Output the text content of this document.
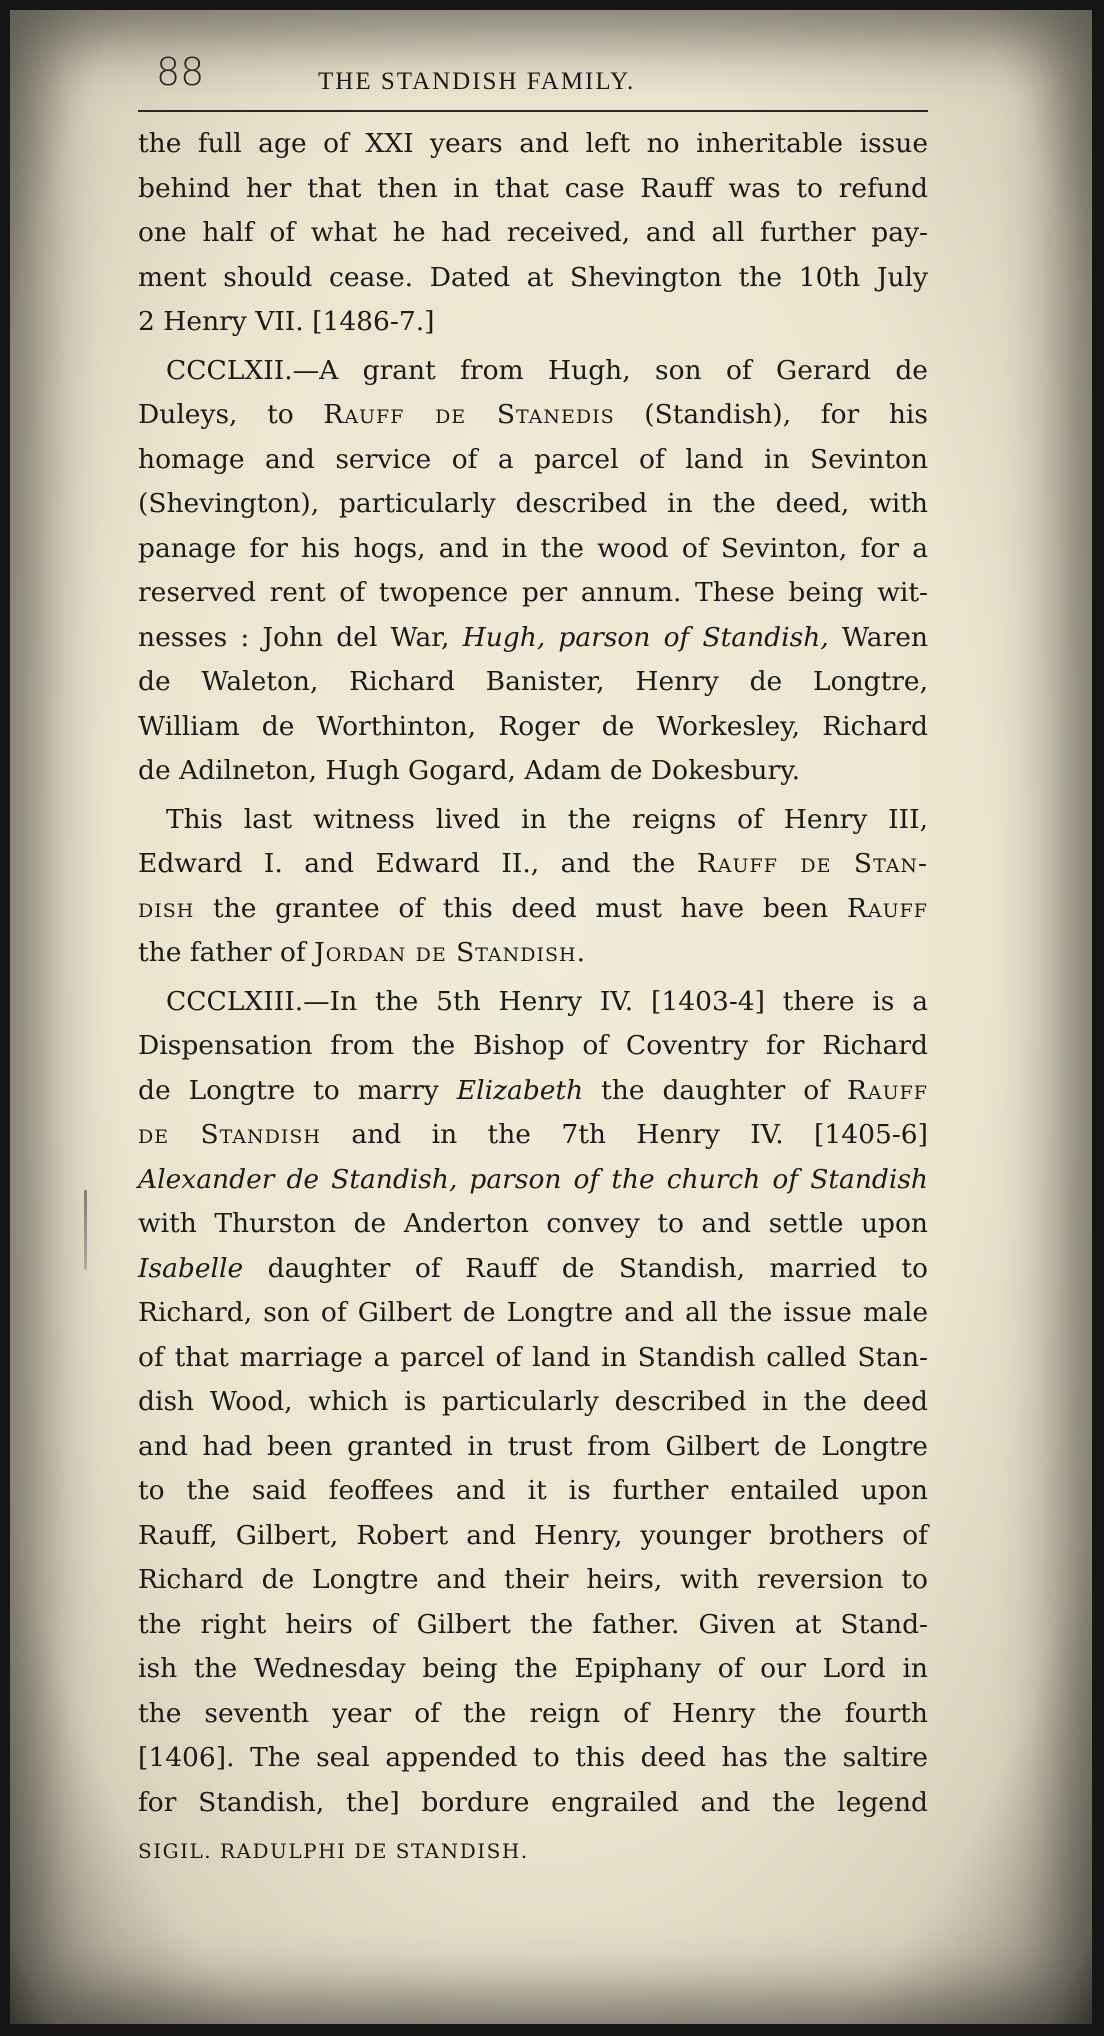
88	THE STANDISH FAMILY.
the full age of XXI years and left no inheritable issue
behind her that then in that case Rauff was to refund
one half of what he had received, and all further pay-
ment should cease. Dated at Shevington the 10th July
2 Henry VII. [1486-7.]
CCCLXII.—A grant from Hugh, son of Gerard de
Duleys, to Rauff de Stanedis (Standish), for his
homage and service of a parcel of land in Sevinton
(Shevington), particularly described in the deed, with
panage for his hogs, and in the wood of Sevinton, for a
reserved rent of twopence per annum. These being wit-
nesses : John del War, Hugh, parson of Standish, Waren
de Waleton, Richard Banister, Henry de Longtre,
William de Worthinton, Roger de Workesley, Richard
de Adilneton, Hugh Gogard, Adam de Dokesbury.
This last witness lived in the reigns of Henry III,
Edward I. and Edward II., and the Rauff de Stan-
dish the grantee of this deed must have been Rauff
the father of Jordan de Standish.
CCCLXIII.—In the 5th Henry IV. [1403-4] there is a
Dispensation from the Bishop of Coventry for Richard
de Longtre to marry Elizabeth the daughter of Rauff
de Standish and in the 7th Henry IV. [1405-6]
Alexander de Standish, parson of the church of Standish
with Thurston de Anderton convey to and settle upon
Isabelle daughter of Rauff de Standish, married to
Richard, son of Gilbert de Longtre and all the issue male
of that marriage a parcel of land in Standish called Stan-
dish Wood, which is particularly described in the deed
and had been granted in trust from Gilbert de Longtre
to the said feoffees and it is further entailed upon
Rauff, Gilbert, Robert and Henry, younger brothers of
Richard de Longtre and their heirs, with reversion to
the right heirs of Gilbert the father. Given at Stand-
ish the Wednesday being the Epiphany of our Lord in
the seventh year of the reign of Henry the fourth
[1406]. The seal appended to this deed has the saltire
for Standish, the] bordure engrailed and the legend
SIGIL. RADULPHI DE STANDISH.
